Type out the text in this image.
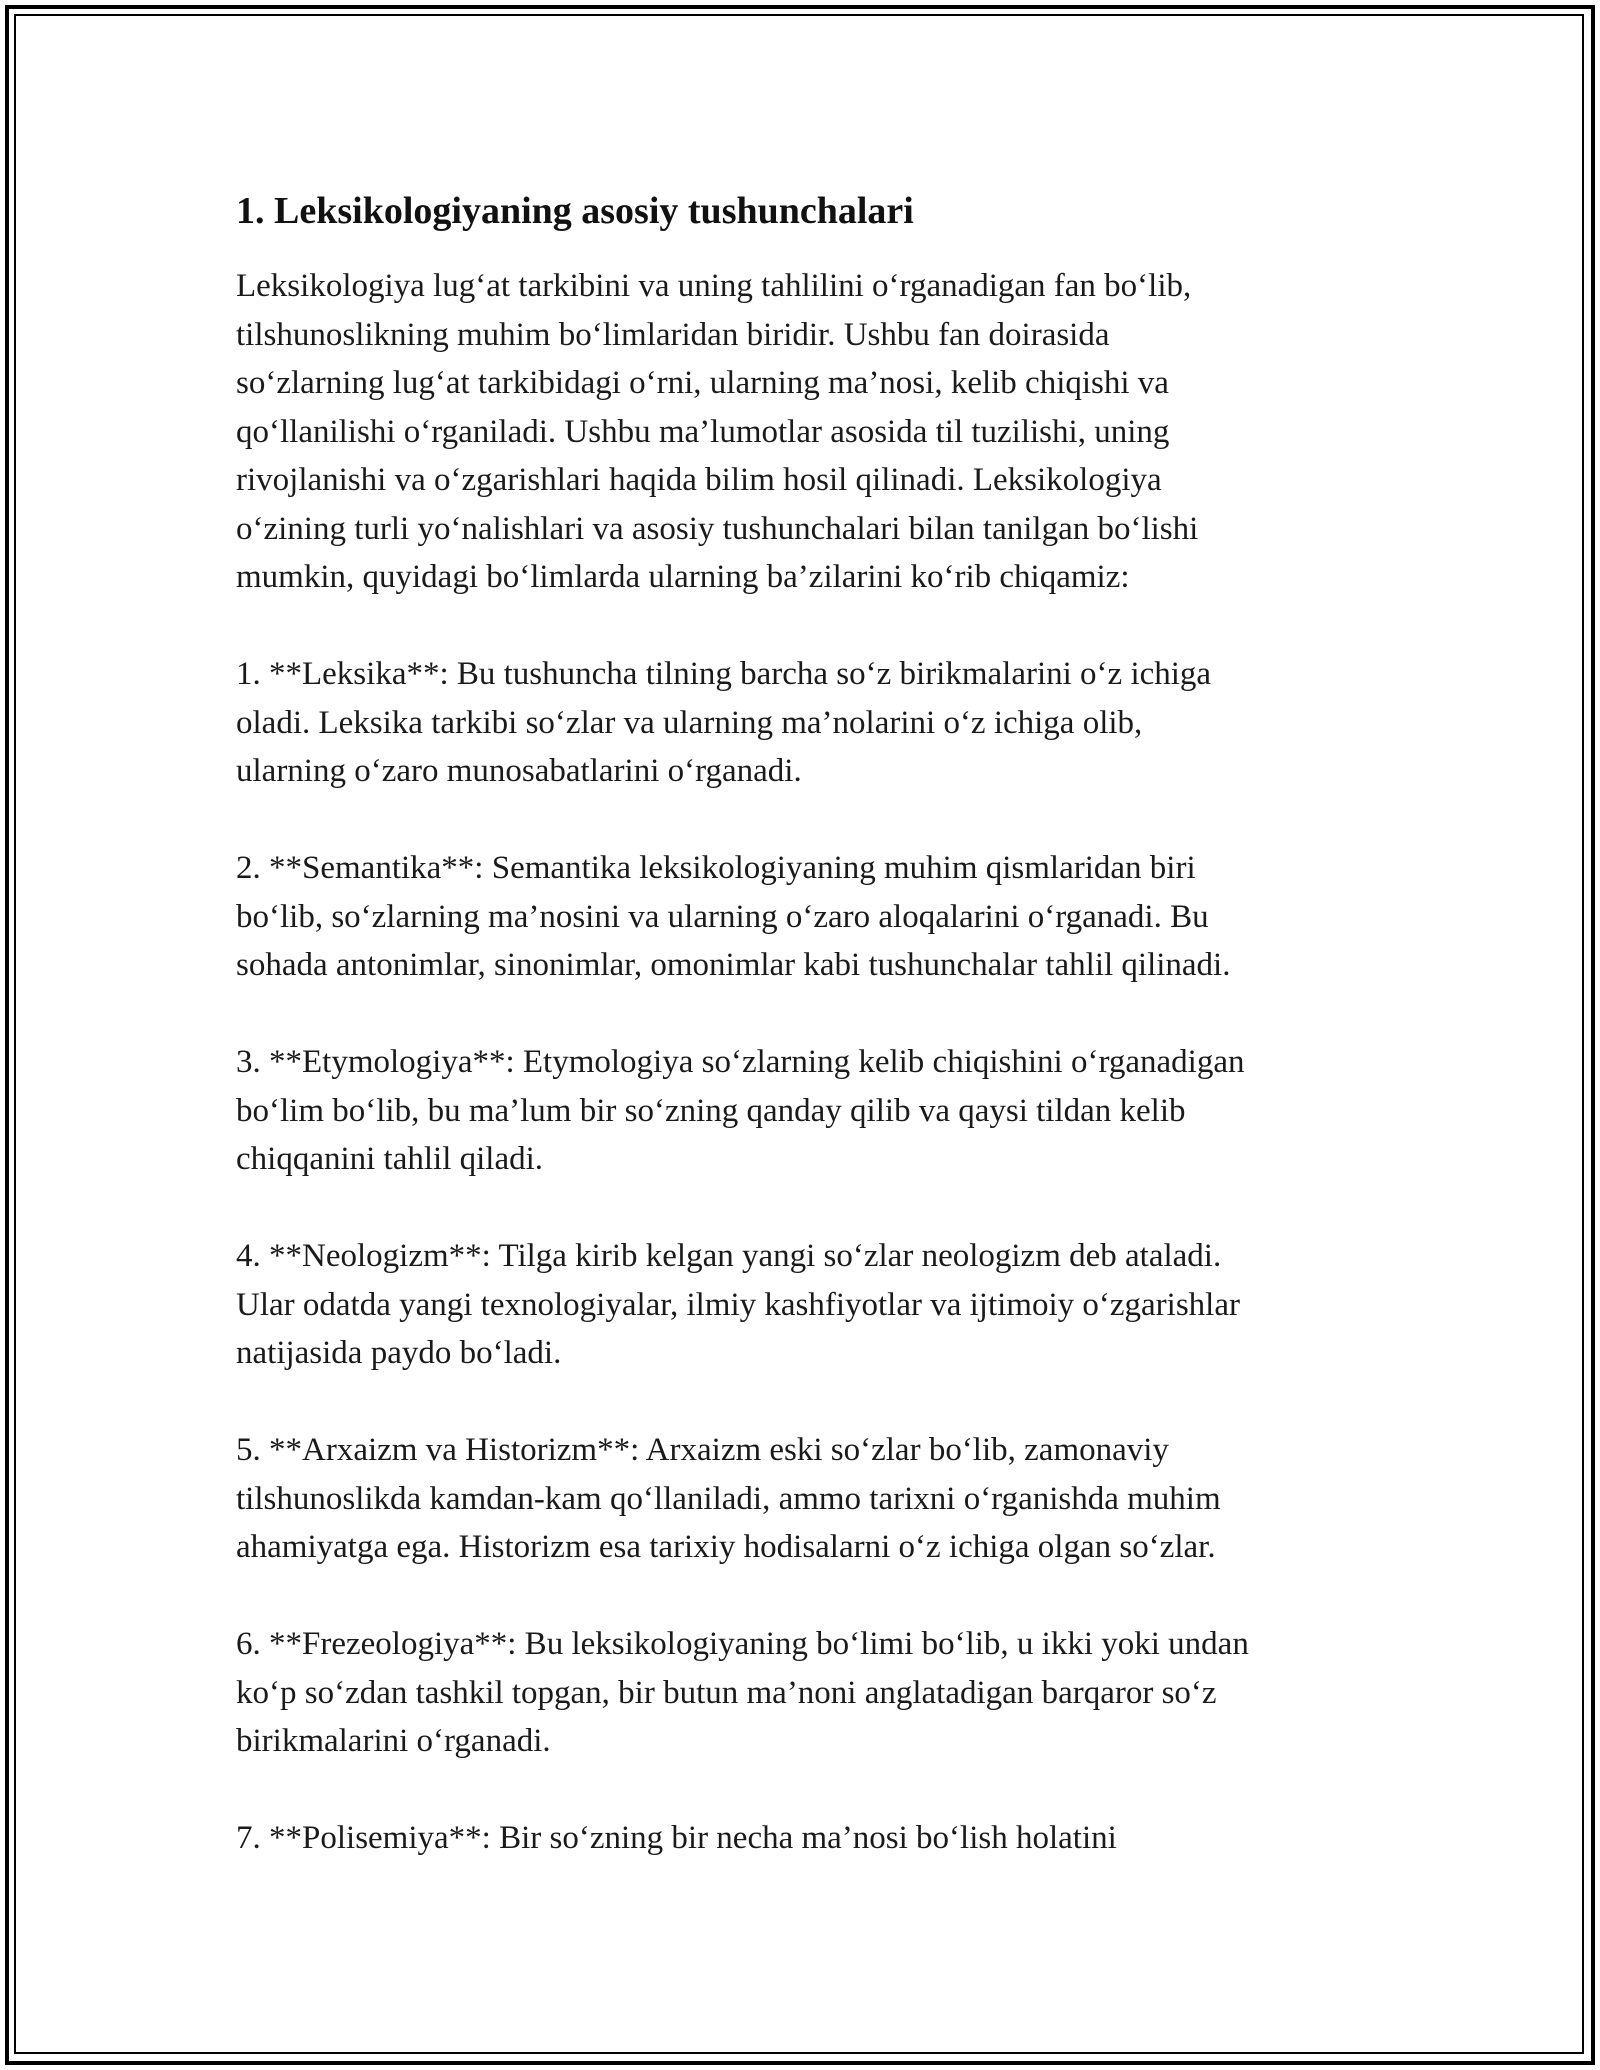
1. Leksikologiyaning asosiy tushunchalari

Leksikologiya lug‘at tarkibini va uning tahlilini o‘rganadigan fan bo‘lib,
tilshunoslikning muhim bo‘limlaridan biridir. Ushbu fan doirasida
so‘zlarning lug‘at tarkibidagi o‘rni, ularning ma’nosi, kelib chiqishi va
qo‘llanilishi o‘rganiladi. Ushbu ma’lumotlar asosida til tuzilishi, uning
rivojlanishi va o‘zgarishlari haqida bilim hosil qilinadi. Leksikologiya
o‘zining turli yo‘nalishlari va asosiy tushunchalari bilan tanilgan bo‘lishi
mumkin, quyidagi bo‘limlarda ularning ba’zilarini ko‘rib chiqamiz:

1. **Leksika**: Bu tushuncha tilning barcha so‘z birikmalarini o‘z ichiga
oladi. Leksika tarkibi so‘zlar va ularning ma’nolarini o‘z ichiga olib,
ularning o‘zaro munosabatlarini o‘rganadi.

2. **Semantika**: Semantika leksikologiyaning muhim qismlaridan biri
bo‘lib, so‘zlarning ma’nosini va ularning o‘zaro aloqalarini o‘rganadi. Bu
sohada antonimlar, sinonimlar, omonimlar kabi tushunchalar tahlil qilinadi.

3. **Etymologiya**: Etymologiya so‘zlarning kelib chiqishini o‘rganadigan
bo‘lim bo‘lib, bu ma’lum bir so‘zning qanday qilib va qaysi tildan kelib
chiqqanini tahlil qiladi.

4. **Neologizm**: Tilga kirib kelgan yangi so‘zlar neologizm deb ataladi.
Ular odatda yangi texnologiyalar, ilmiy kashfiyotlar va ijtimoiy o‘zgarishlar
natijasida paydo bo‘ladi.

5. **Arxaizm va Historizm**: Arxaizm eski so‘zlar bo‘lib, zamonaviy
tilshunoslikda kamdan-kam qo‘llaniladi, ammo tarixni o‘rganishda muhim
ahamiyatga ega. Historizm esa tarixiy hodisalarni o‘z ichiga olgan so‘zlar.

6. **Frezeologiya**: Bu leksikologiyaning bo‘limi bo‘lib, u ikki yoki undan
ko‘p so‘zdan tashkil topgan, bir butun ma’noni anglatadigan barqaror so‘z
birikmalarini o‘rganadi.

7. **Polisemiya**: Bir so‘zning bir necha ma’nosi bo‘lish holatini
